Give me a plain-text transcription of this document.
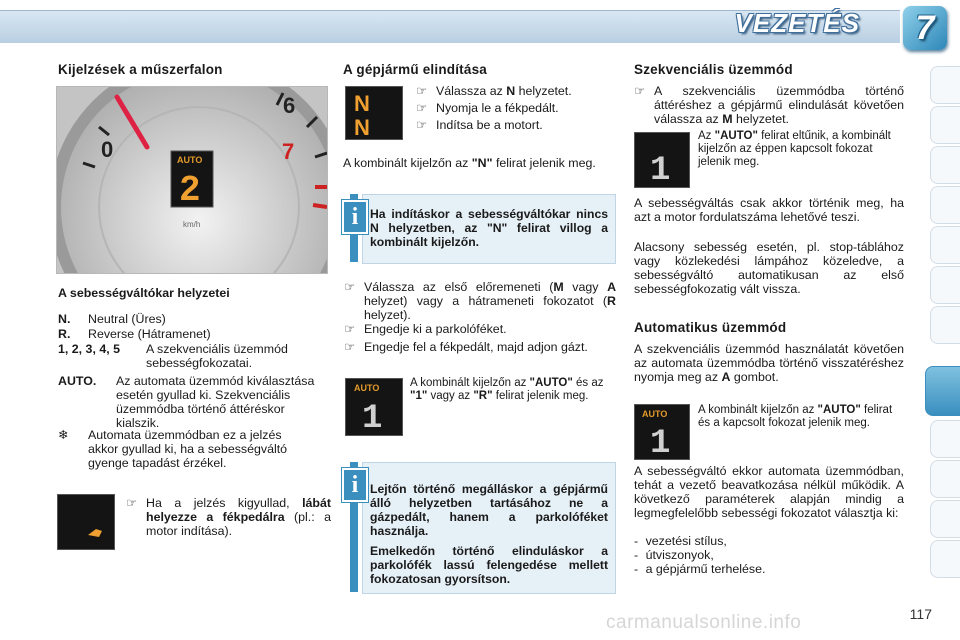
VEZETÉS	7
Kijelzések a műszerfalon
6
7
0	AUTO
2
km/h
A sebességváltókar helyzetei
N. Neutral (Üres)
R. Reverse (Hátramenet)
1, 2, 3, 4, 5 A szekvenciális üzemmód sebességfokozatai.
AUTO. Az automata üzemmód kiválasztása esetén gyullad ki. Szekvenciális üzemmódba történő áttéréskor kialszik.
❄ Automata üzemmódban ez a jelzés akkor gyullad ki, ha a sebességváltó gyenge tapadást érzékel.
☞ Ha a jelzés kigyullad, lábát helyezze a fékpedálra (pl.: a motor indítása).
A gépjármű elindítása
N
N
☞ Válassza az N helyzetet.
☞ Nyomja le a fékpedált.
☞ Indítsa be a motort.
A kombinált kijelzőn az "N" felirat jelenik meg.
i Ha indításkor a sebességváltókar nincs N helyzetben, az "N" felirat villog a kombinált kijelzőn.
☞ Válassza az első előremeneti (M vagy A helyzet) vagy a hátrameneti fokozatot (R helyzet).
☞ Engedje ki a parkolóféket.
☞ Engedje fel a fékpedált, majd adjon gázt.
AUTO
1
A kombinált kijelzőn az "AUTO" és az "1" vagy az "R" felirat jelenik meg.
i Lejtőn történő megálláskor a gépjármű álló helyzetben tartásához ne a gázpedált, hanem a parkolóféket használja.

Emelkedőn történő elinduláskor a parkolófék lassú felengedése mellett fokozatosan gyorsítson.

Szekvenciális üzemmód
☞ A szekvenciális üzemmódba történő áttéréshez a gépjármű elindulását követően válassza az M helyzetet.
1
Az "AUTO" felirat eltűnik, a kombinált kijelzőn az éppen kapcsolt fokozat jelenik meg.
A sebességváltás csak akkor történik meg, ha azt a motor fordulatszáma lehetővé teszi.
Alacsony sebesség esetén, pl. stop-táblához vagy közlekedési lámpához közeledve, a sebességváltó automatikusan az első sebességfokozatig vált vissza.
Automatikus üzemmód
A szekvenciális üzemmód használatát követően az automata üzemmódba történő visszatéréshez nyomja meg az A gombot.
AUTO
1
A kombinált kijelzőn az "AUTO" felirat és a kapcsolt fokozat jelenik meg.
A sebességváltó ekkor automata üzemmódban, tehát a vezető beavatkozása nélkül működik. A következő paraméterek alapján mindig a legmegfelelőbb sebességi fokozatot választja ki:
- vezetési stílus,
- útviszonyok,
- a gépjármű terhelése.
carmanualsonline.info	117
